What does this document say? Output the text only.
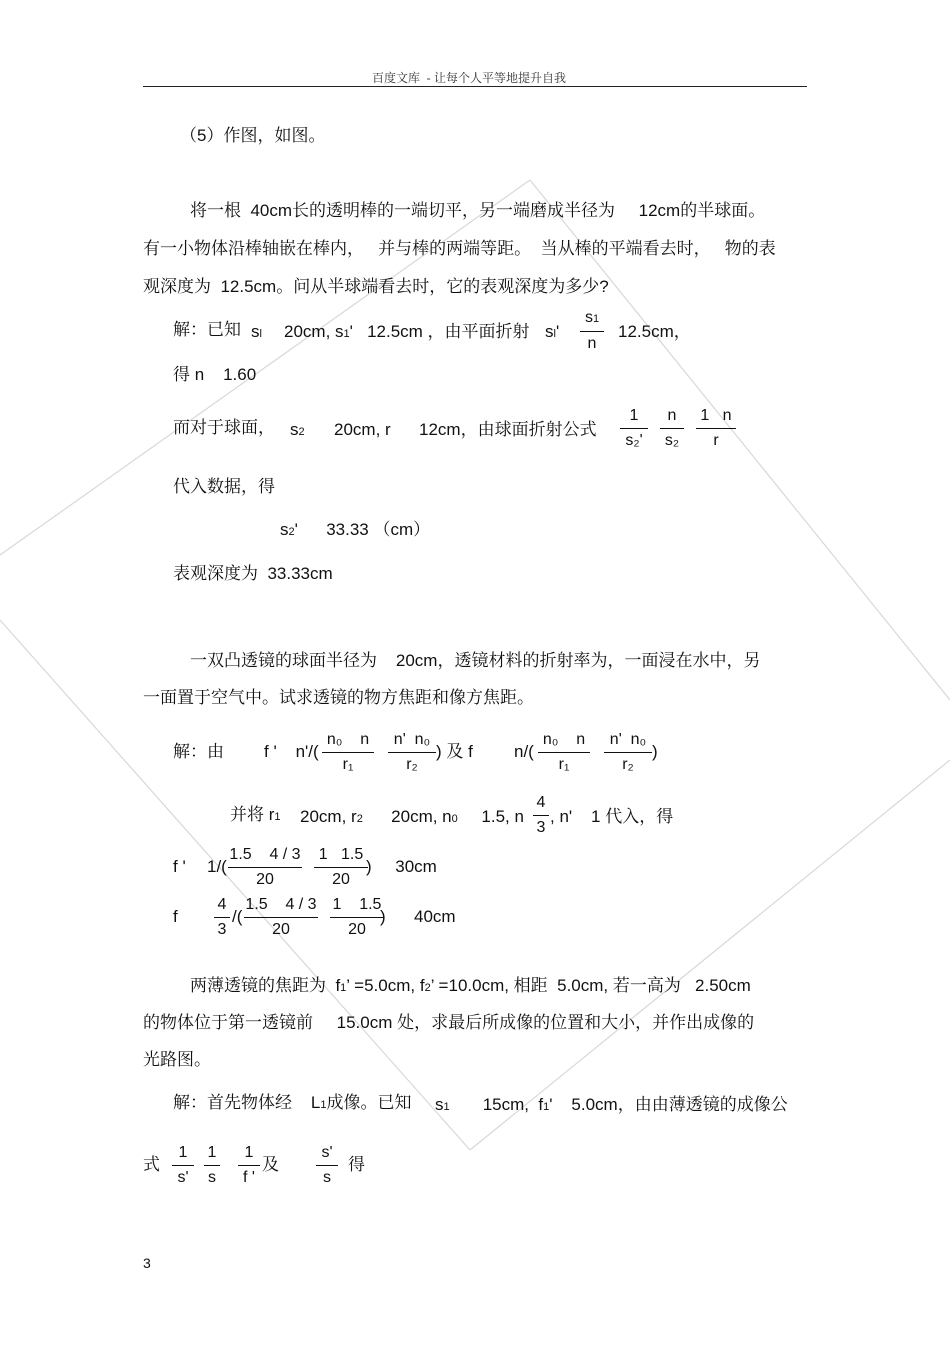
百度文库  - 让每个人平等地提升自我
（5）作图，如图。
将一根  40cm长的透明棒的一端切平，另一端磨成半径为     12cm的半球面。
有一小物体沿棒轴嵌在棒内，   并与棒的两端等距。  当从棒的平端看去时，   物的表
观深度为  12.5cm。问从半球端看去时，它的表观深度为多少?
解：已知 sl 20cm, s1'   12.5cm ，由平面折射 sl'
s1
n
12.5cm，
得 n    1.60
而对于球面， s2 20cm, r      12cm，由球面折射公式
1
s₂'
n
s₂
1   n
r
代入数据，得
s2'      33.33 （cm）
表观深度为  33.33cm
一双凸透镜的球面半径为    20cm，透镜材料的折射率为，一面浸在水中，另
一面置于空气中。试求透镜的物方焦距和像方焦距。
解：由 f '    n'/(
n₀    n
r₁
n'  n₀
r₂
) 及 f n/(
n₀    n
r₁
n'  n₀
r₂
)
并将 r1 20cm, r2 20cm, n0 1.5, n
4
3
, n'    1 代入，得
f ' 1/(
1.5    4 / 3
20
1   1.5
20
)     30cm
f
4
3
/(
1.5    4 / 3
20
1    1.5
20
)      40cm
两薄透镜的焦距为  f1’ =5.0cm, f2’ =10.0cm, 相距  5.0cm, 若一高为   2.50cm
的物体位于第一透镜前     15.0cm 处，求最后所成像的位置和大小，并作出成像的
光路图。
解：首先物体经    L1成像。已知 s1 15cm,  f1'    5.0cm，由由薄透镜的成像公
式
1
s'
1
s
1
f '
及
s'
s
得
3
